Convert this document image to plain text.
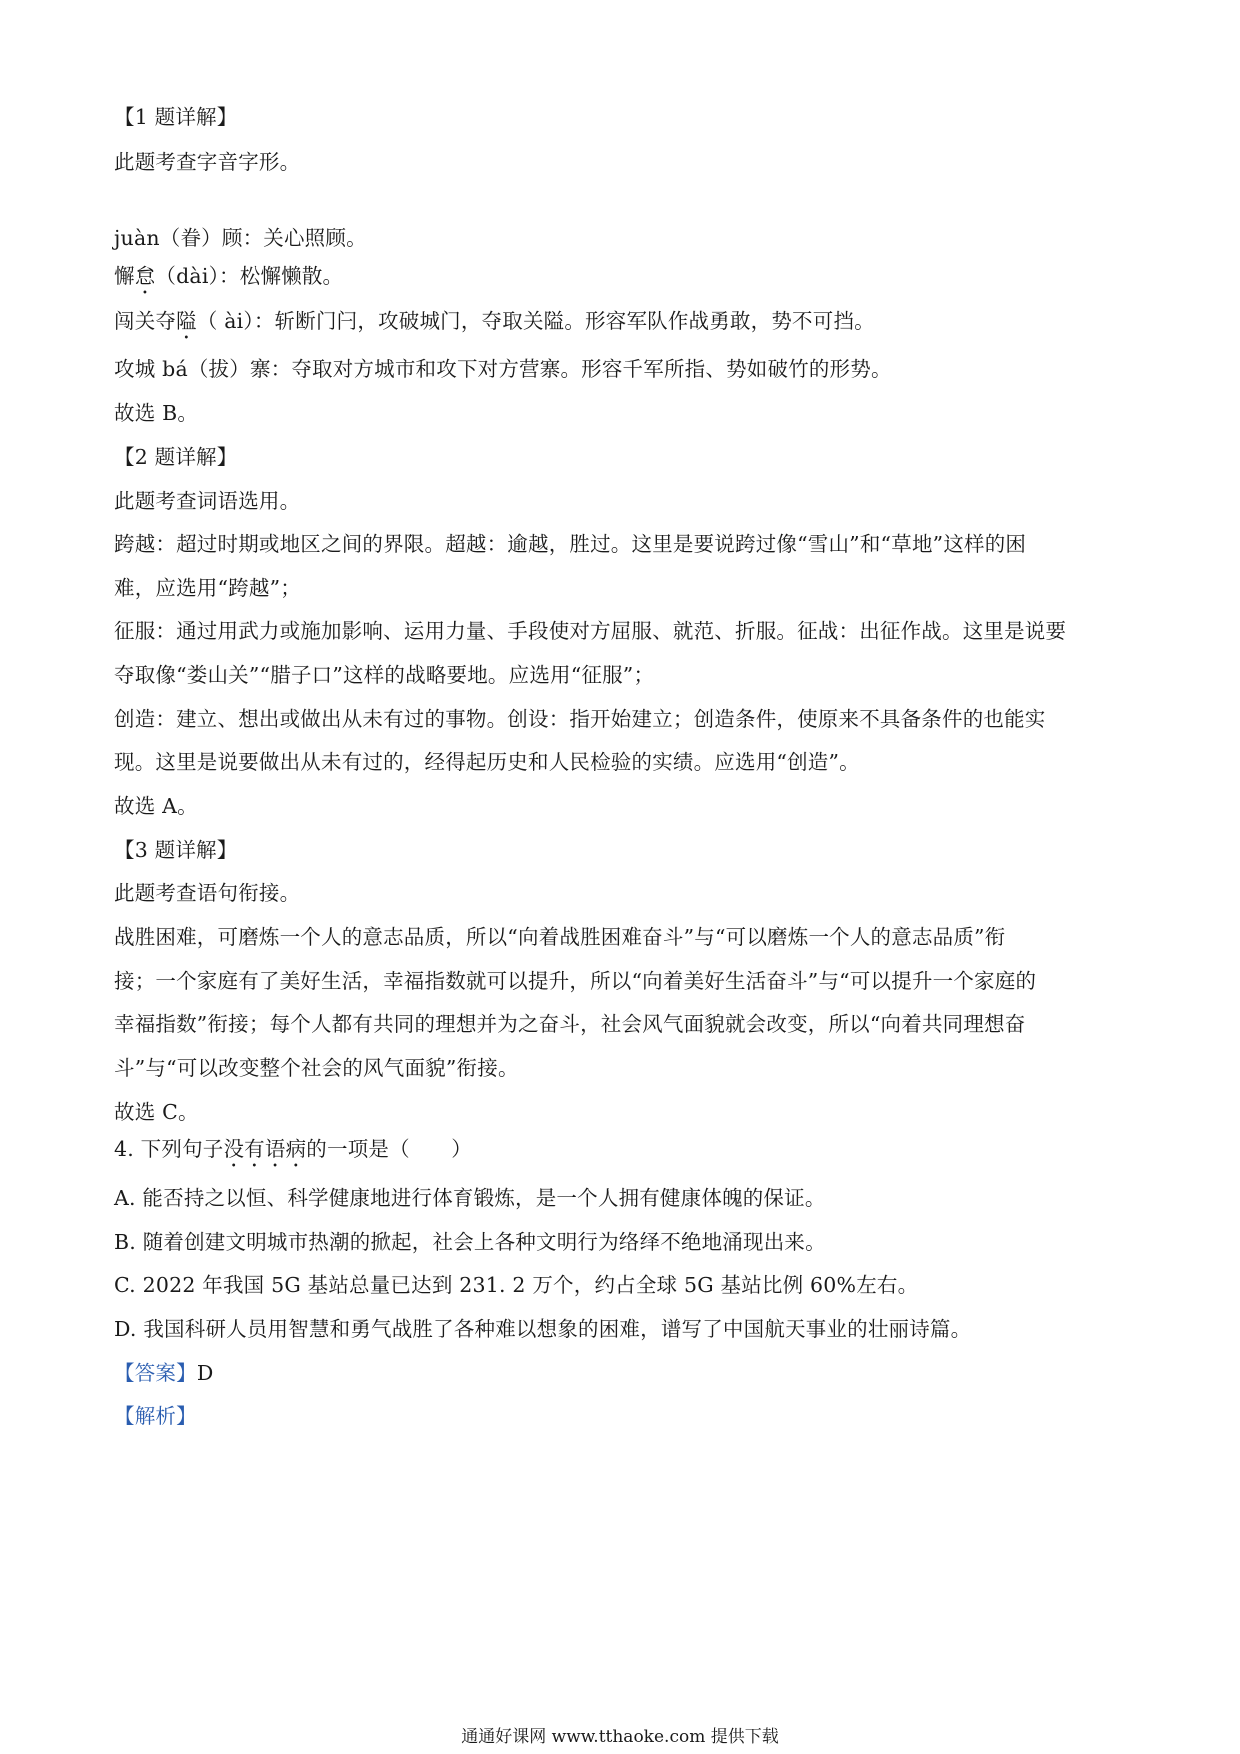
【1 题详解】
此题考查字音字形。
juàn（眷）顾：关心照顾。
懈怠（dài）：松懈懒散。
闯关夺隘（ ài）：斩断门闩，攻破城门，夺取关隘。形容军队作战勇敢，势不可挡。
攻城 bá（拔）寨：夺取对方城市和攻下对方营寨。形容千军所指、势如破竹的形势。
故选 B。
【2 题详解】
此题考查词语选用。
跨越：超过时期或地区之间的界限。超越：逾越，胜过。这里是要说跨过像“雪山”和“草地”这样的困
难，应选用“跨越”；
征服：通过用武力或施加影响、运用力量、手段使对方屈服、就范、折服。征战：出征作战。这里是说要
夺取像“娄山关”“腊子口”这样的战略要地。应选用“征服”；
创造：建立、想出或做出从未有过的事物。创设：指开始建立；创造条件，使原来不具备条件的也能实
现。这里是说要做出从未有过的，经得起历史和人民检验的实绩。应选用“创造”。
故选 A。
【3 题详解】
此题考查语句衔接。
战胜困难，可磨炼一个人的意志品质，所以“向着战胜困难奋斗”与“可以磨炼一个人的意志品质”衔
接；一个家庭有了美好生活，幸福指数就可以提升，所以“向着美好生活奋斗”与“可以提升一个家庭的
幸福指数”衔接；每个人都有共同的理想并为之奋斗，社会风气面貌就会改变，所以“向着共同理想奋
斗”与“可以改变整个社会的风气面貌”衔接。
故选 C。
4. 下列句子没有语病的一项是（　　）
A. 能否持之以恒、科学健康地进行体育锻炼，是一个人拥有健康体魄的保证。
B. 随着创建文明城市热潮的掀起，社会上各种文明行为络绎不绝地涌现出来。
C. 2022 年我国 5G 基站总量已达到 231. 2 万个，约占全球 5G 基站比例 60%左右。
D. 我国科研人员用智慧和勇气战胜了各种难以想象的困难，谱写了中国航天事业的壮丽诗篇。
【答案】D
【解析】
通通好课网 www.tthaoke.com 提供下载
